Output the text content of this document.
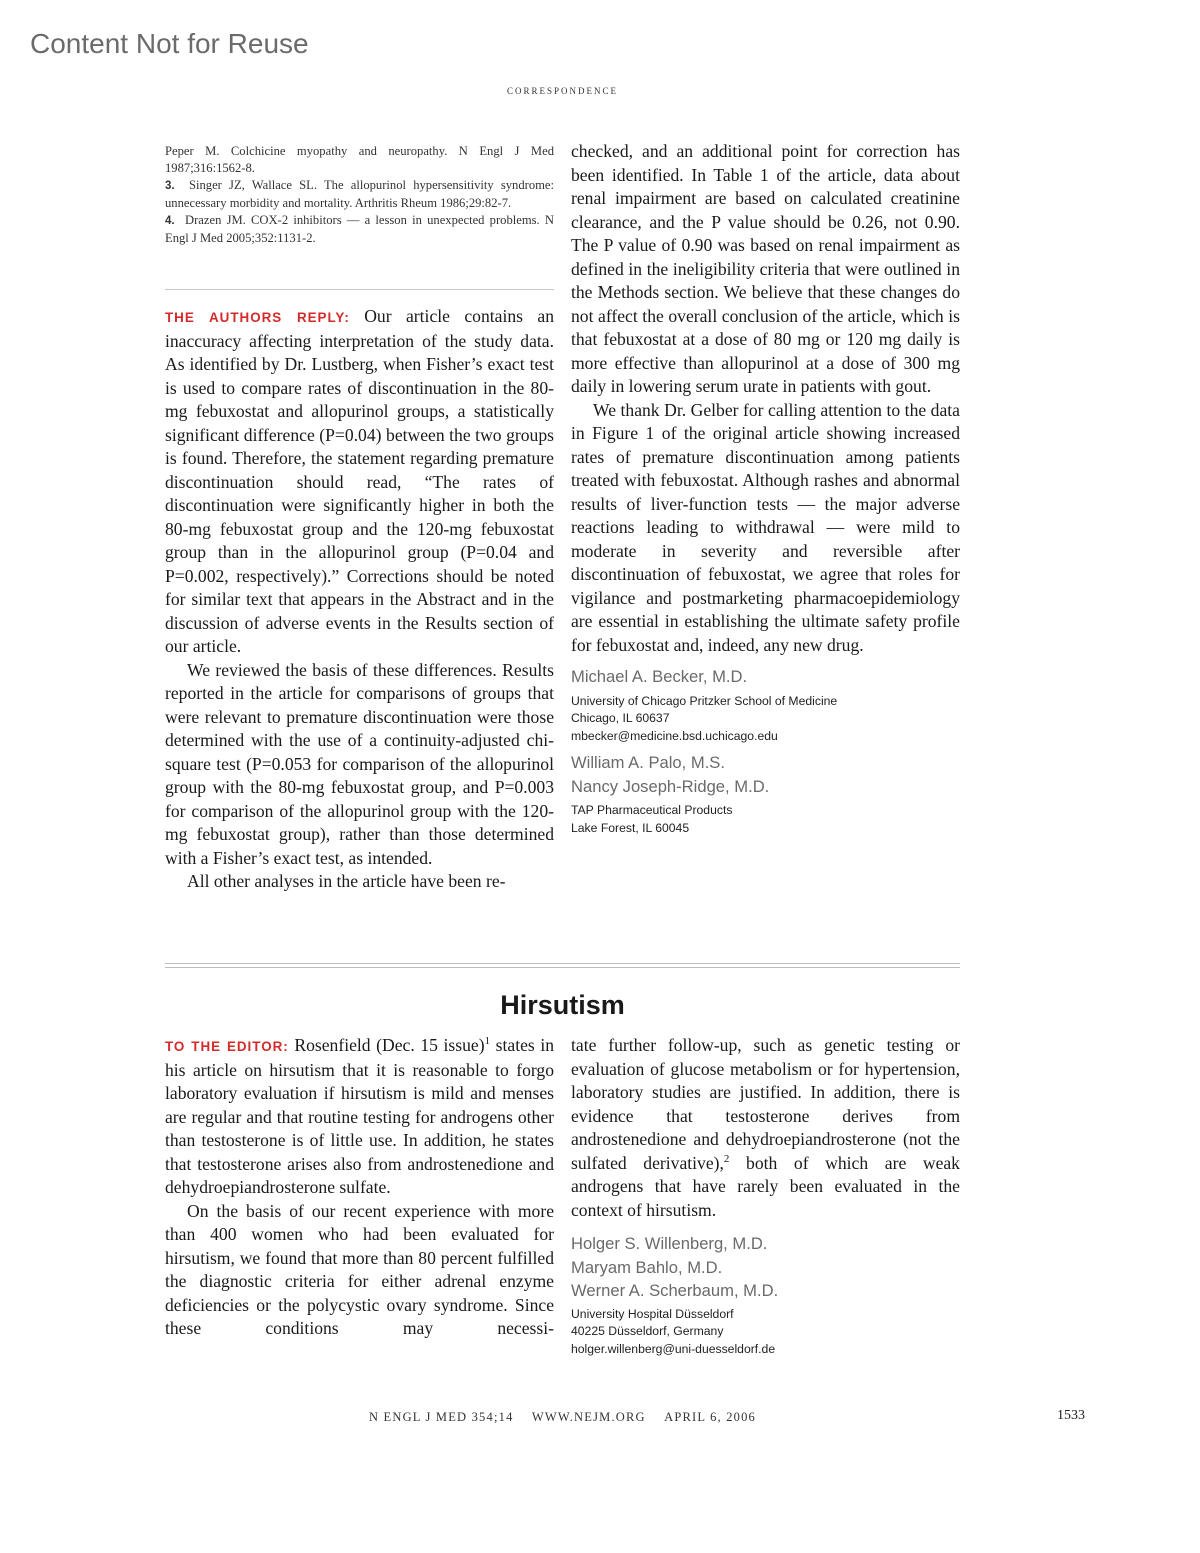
Content Not for Reuse
correspondence

Peper M. Colchicine myopathy and neuropathy. N Engl J Med 1987;316:1562-8.

3. Singer JZ, Wallace SL. The allopurinol hypersensitivity syndrome: unnecessary morbidity and mortality. Arthritis Rheum 1986;29:82-7.

4. Drazen JM. COX-2 inhibitors — a lesson in unexpected problems. N Engl J Med 2005;352:1131-2.

THE AUTHORS REPLY: Our article contains an inaccuracy affecting interpretation of the study data. As identified by Dr. Lustberg, when Fisher’s exact test is used to compare rates of discontinuation in the 80-mg febuxostat and allopurinol groups, a statistically significant difference (P=0.04) between the two groups is found. Therefore, the statement regarding premature discontinuation should read, “The rates of discontinuation were significantly higher in both the 80-mg febuxostat group and the 120-mg febuxostat group than in the allopurinol group (P=0.04 and P=0.002, respectively).” Corrections should be noted for similar text that appears in the Abstract and in the discussion of adverse events in the Results section of our article.

We reviewed the basis of these differences. Results reported in the article for comparisons of groups that were relevant to premature discontinuation were those determined with the use of a continuity-adjusted chi-square test (P=0.053 for comparison of the allopurinol group with the 80-mg febuxostat group, and P=0.003 for comparison of the allopurinol group with the 120-mg febuxostat group), rather than those determined with a Fisher’s exact test, as intended.

All other analyses in the article have been re-

checked, and an additional point for correction has been identified. In Table 1 of the article, data about renal impairment are based on calculated creatinine clearance, and the P value should be 0.26, not 0.90. The P value of 0.90 was based on renal impairment as defined in the ineligibility criteria that were outlined in the Methods section. We believe that these changes do not affect the overall conclusion of the article, which is that febuxostat at a dose of 80 mg or 120 mg daily is more effective than allopurinol at a dose of 300 mg daily in lowering serum urate in patients with gout.

We thank Dr. Gelber for calling attention to the data in Figure 1 of the original article showing increased rates of premature discontinuation among patients treated with febuxostat. Although rashes and abnormal results of liver-function tests — the major adverse reactions leading to withdrawal — were mild to moderate in severity and reversible after discontinuation of febuxostat, we agree that roles for vigilance and postmarketing pharmacoepidemiology are essential in establishing the ultimate safety profile for febuxostat and, indeed, any new drug.

Michael A. Becker, M.D.

University of Chicago Pritzker School of Medicine

Chicago, IL 60637

mbecker@medicine.bsd.uchicago.edu

William A. Palo, M.S.

Nancy Joseph-Ridge, M.D.

TAP Pharmaceutical Products

Lake Forest, IL 60045

Hirsutism

TO THE EDITOR: Rosenfield (Dec. 15 issue)$^1$ states in his article on hirsutism that it is reasonable to forgo laboratory evaluation if hirsutism is mild and menses are regular and that routine testing for androgens other than testosterone is of little use. In addition, he states that testosterone arises also from androstenedione and dehydroepiandrosterone sulfate.

On the basis of our recent experience with more than 400 women who had been evaluated for hirsutism, we found that more than 80 percent fulfilled the diagnostic criteria for either adrenal enzyme deficiencies or the polycystic ovary syndrome. Since these conditions may necessi-

tate further follow-up, such as genetic testing or evaluation of glucose metabolism or for hypertension, laboratory studies are justified. In addition, there is evidence that testosterone derives from androstenedione and dehydroepiandrosterone (not the sulfated derivative),$^2$ both of which are weak androgens that have rarely been evaluated in the context of hirsutism.

Holger S. Willenberg, M.D.

Maryam Bahlo, M.D.

Werner A. Scherbaum, M.D.

University Hospital Düsseldorf

40225 Düsseldorf, Germany

holger.willenberg@uni-duesseldorf.de

N ENGL J MED 354;14 WWW.NEJM.ORG APRIL 6, 2006	1533
